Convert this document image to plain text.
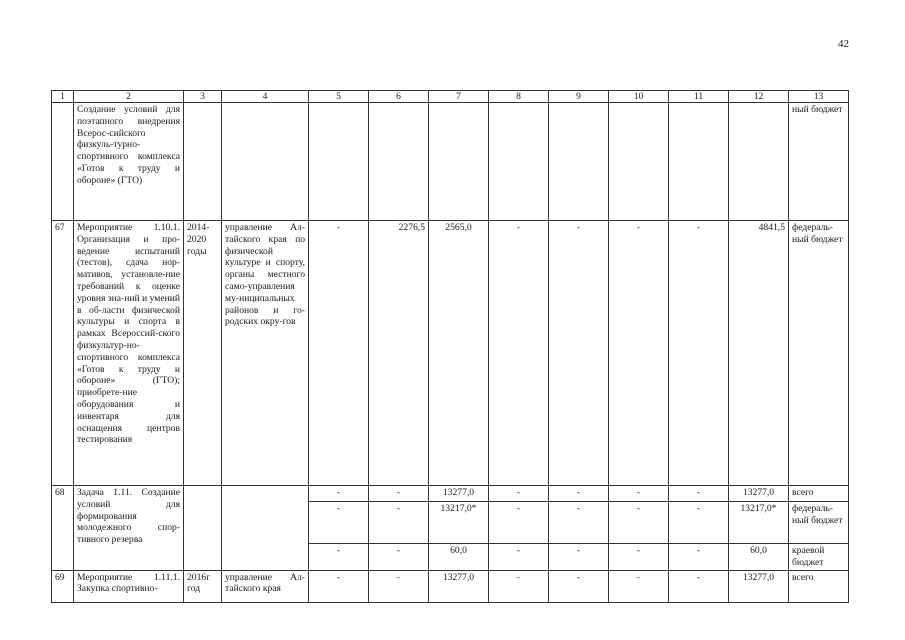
42
1	2	3	4	5	6	7	8	9	10	11	12	13
	Создание условий для поэтапного внедрения Всерос-сийского физкуль-турно-спортивного комплекса «Готов к труду и обороне» (ГТО)											ный бюджет
67	Мероприятие 1.10.1. Организация и про-ведение испытаний (тестов), сдача нор-мативов, установле-ние требований к оценке уровня зна-ний и умений в об-ласти физической культуры и спорта в рамках Всероссий-ского физкультур-но-спортивного комплекса «Готов к труду и обороне» (ГТО); приобрете-ние оборудования и инвентаря для оснащения центров тестирования	2014-2020 годы	управление Ал-тайского края по физической культуре и спорту, органы местного само-управления му-ниципальных районов и го-родских окру-гов	-	2276,5	2565,0	-	-	-	-	4841,5	федераль-ный бюджет
68	Задача 1.11. Создание условий для формирования молодежного спор-тивного резерва			-	-	13277,0	-	-	-	-	13277,0	всего
				-	-	13217,0*	-	-	-	-	13217,0*	федераль-ный бюджет
				-	-	60,0	-	-	-	-	60,0	краевой бюджет
69	Мероприятие 1.11.1. Закупка спортивно-	2016г год	управление Ал-тайского края	-	-	13277,0	-	-	-	-	13277,0	всего
